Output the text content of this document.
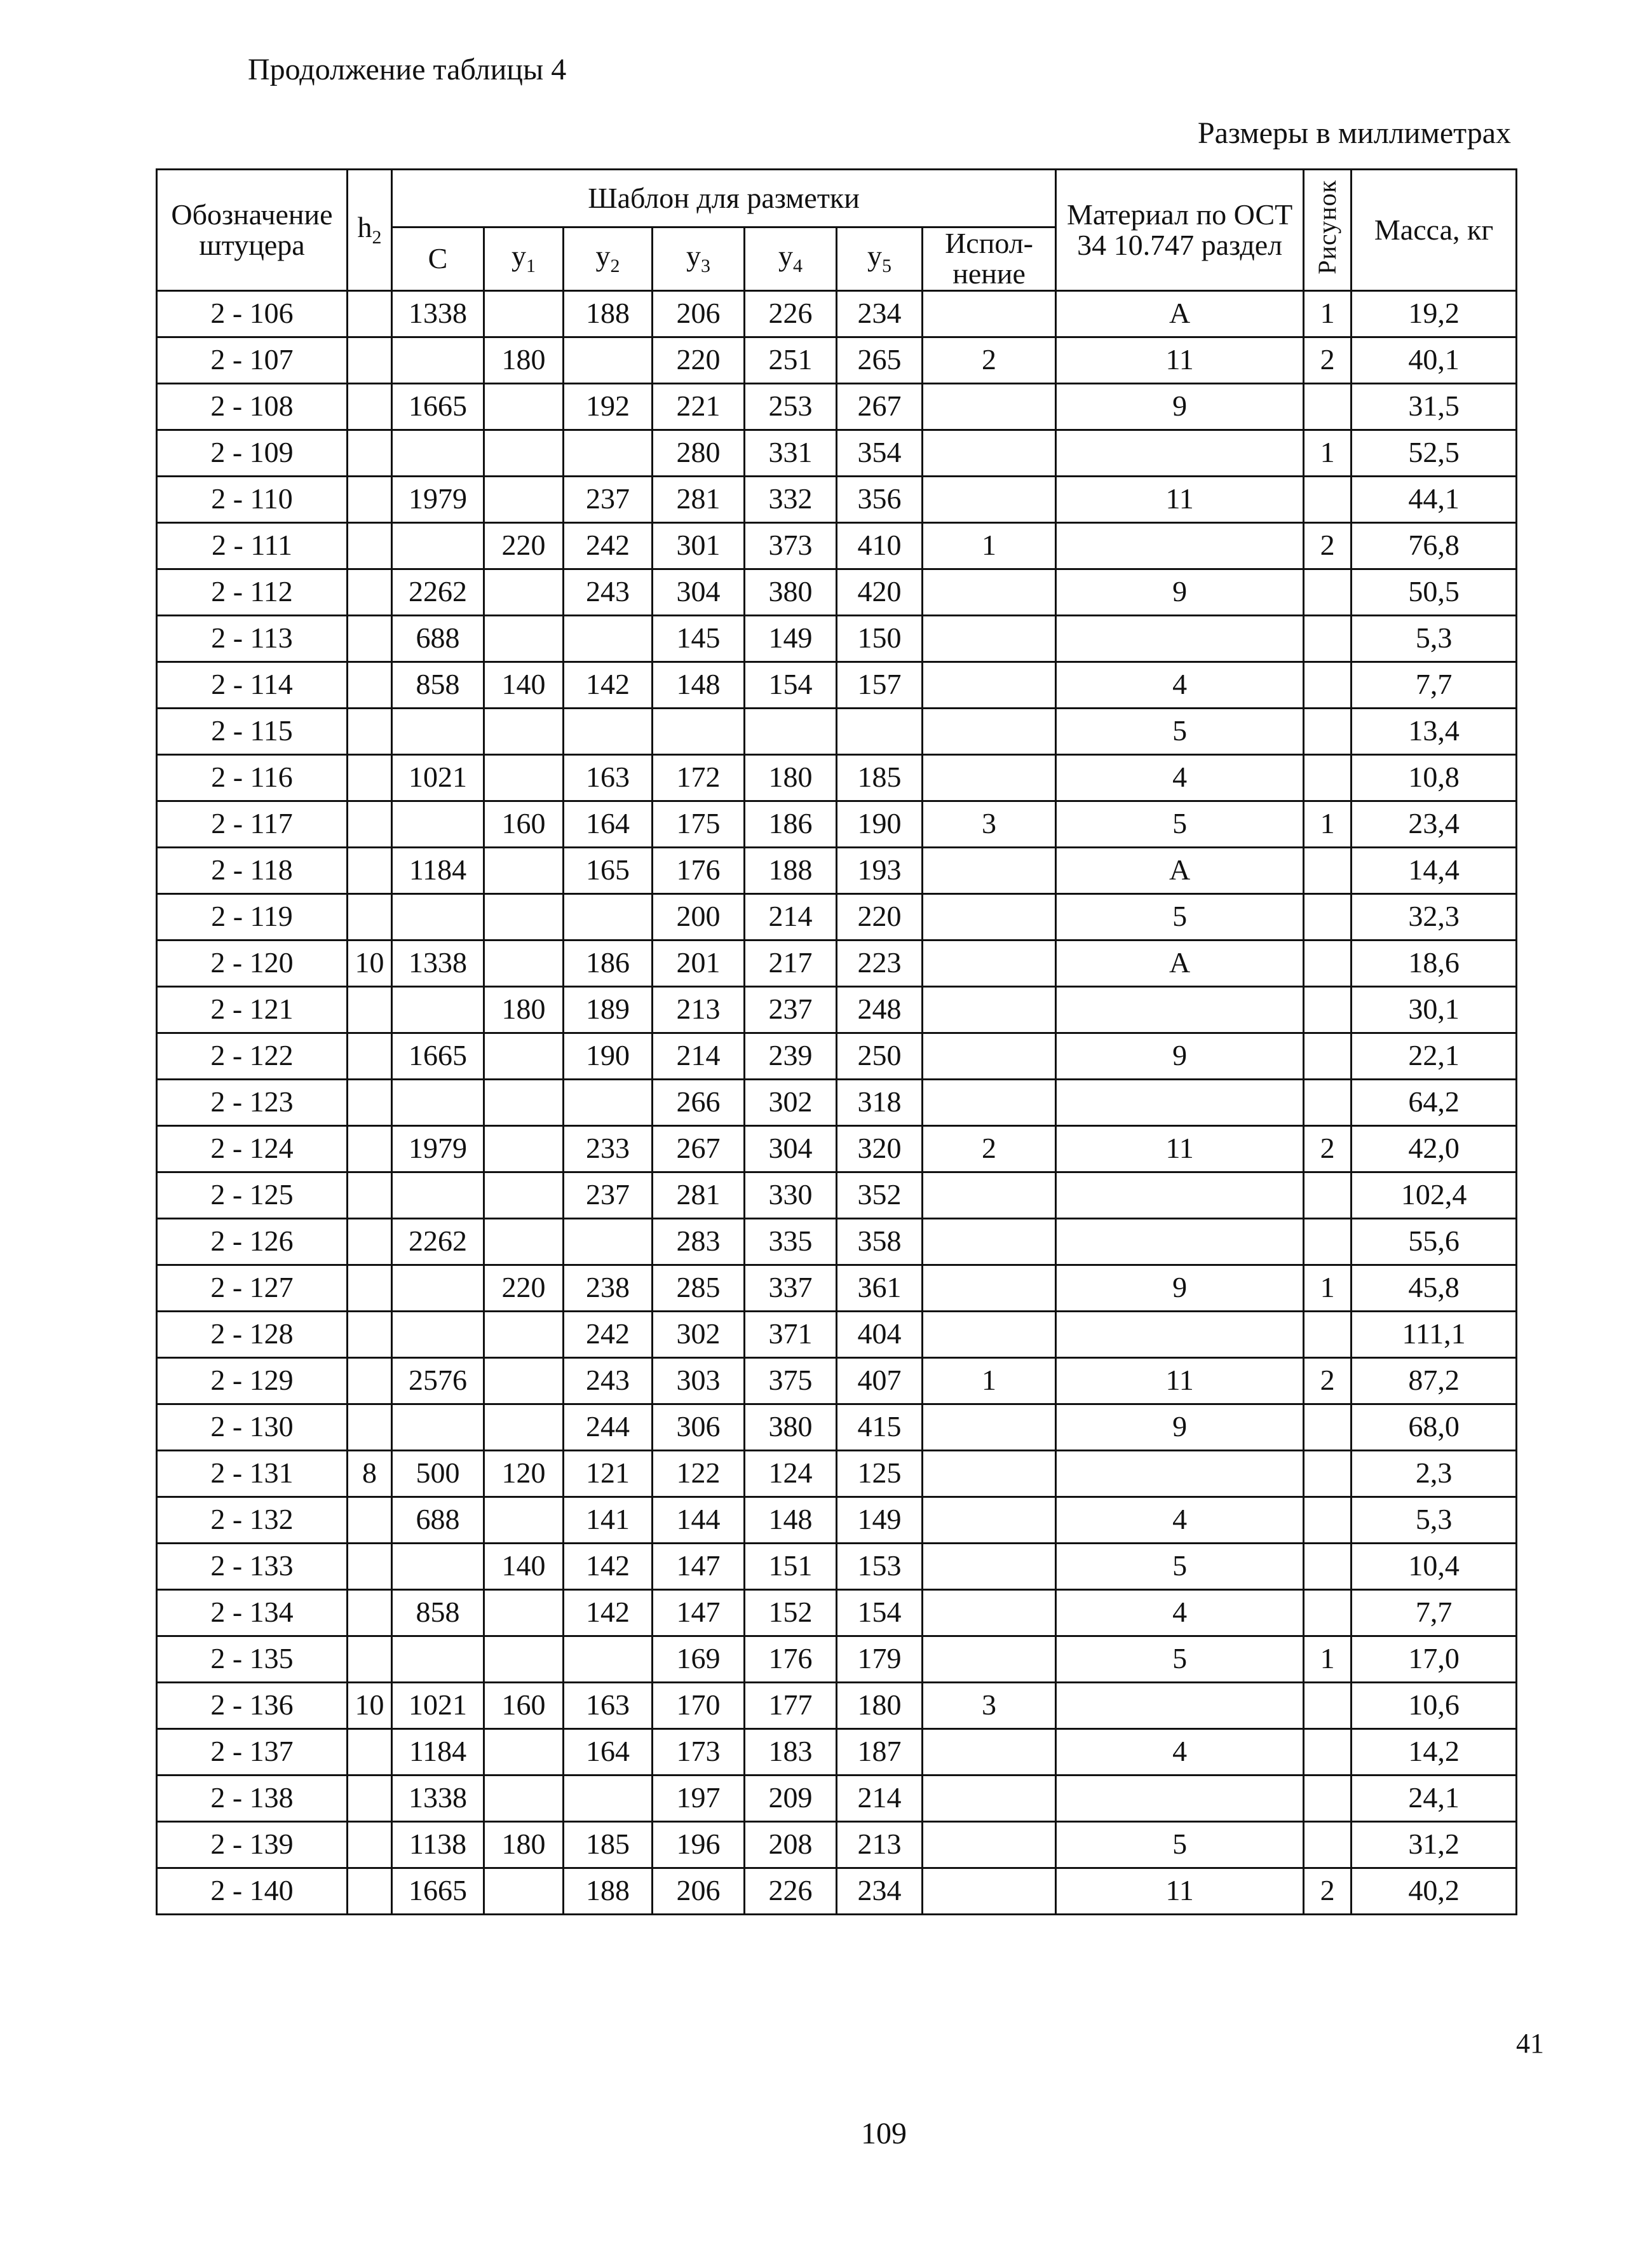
Продолжение таблицы 4
Размеры в миллиметрах
Обозначение штуцера	$h_2$	Шаблон для разметки							Материал по ОСТ 34 10.747 раздел	Рисунок	Масса, кг
		C	$y_1$	$y_2$	$y_3$	$y_4$	$y_5$	Испол-нение			
2 - 106		1338		188	206	226	234		А	1	19,2
2 - 107			180		220	251	265	2	11	2	40,1
2 - 108		1665		192	221	253	267		9		31,5
2 - 109					280	331	354			1	52,5
2 - 110		1979		237	281	332	356		11		44,1
2 - 111			220	242	301	373	410	1		2	76,8
2 - 112		2262		243	304	380	420		9		50,5
2 - 113		688			145	149	150				5,3
2 - 114		858	140	142	148	154	157		4		7,7
2 - 115									5		13,4
2 - 116		1021		163	172	180	185		4		10,8
2 - 117			160	164	175	186	190	3	5	1	23,4
2 - 118		1184		165	176	188	193		А		14,4
2 - 119					200	214	220		5		32,3
2 - 120	10	1338		186	201	217	223		А		18,6
2 - 121			180	189	213	237	248				30,1
2 - 122		1665		190	214	239	250		9		22,1
2 - 123					266	302	318				64,2
2 - 124		1979		233	267	304	320	2	11	2	42,0
2 - 125				237	281	330	352				102,4
2 - 126		2262			283	335	358				55,6
2 - 127			220	238	285	337	361		9	1	45,8
2 - 128				242	302	371	404				111,1
2 - 129		2576		243	303	375	407	1	11	2	87,2
2 - 130				244	306	380	415		9		68,0
2 - 131	8	500	120	121	122	124	125				2,3
2 - 132		688		141	144	148	149		4		5,3
2 - 133			140	142	147	151	153		5		10,4
2 - 134		858		142	147	152	154		4		7,7
2 - 135					169	176	179		5	1	17,0
2 - 136	10	1021	160	163	170	177	180	3			10,6
2 - 137		1184		164	173	183	187		4		14,2
2 - 138		1338			197	209	214				24,1
2 - 139		1138	180	185	196	208	213		5		31,2
2 - 140		1665		188	206	226	234		11	2	40,2
41
109
